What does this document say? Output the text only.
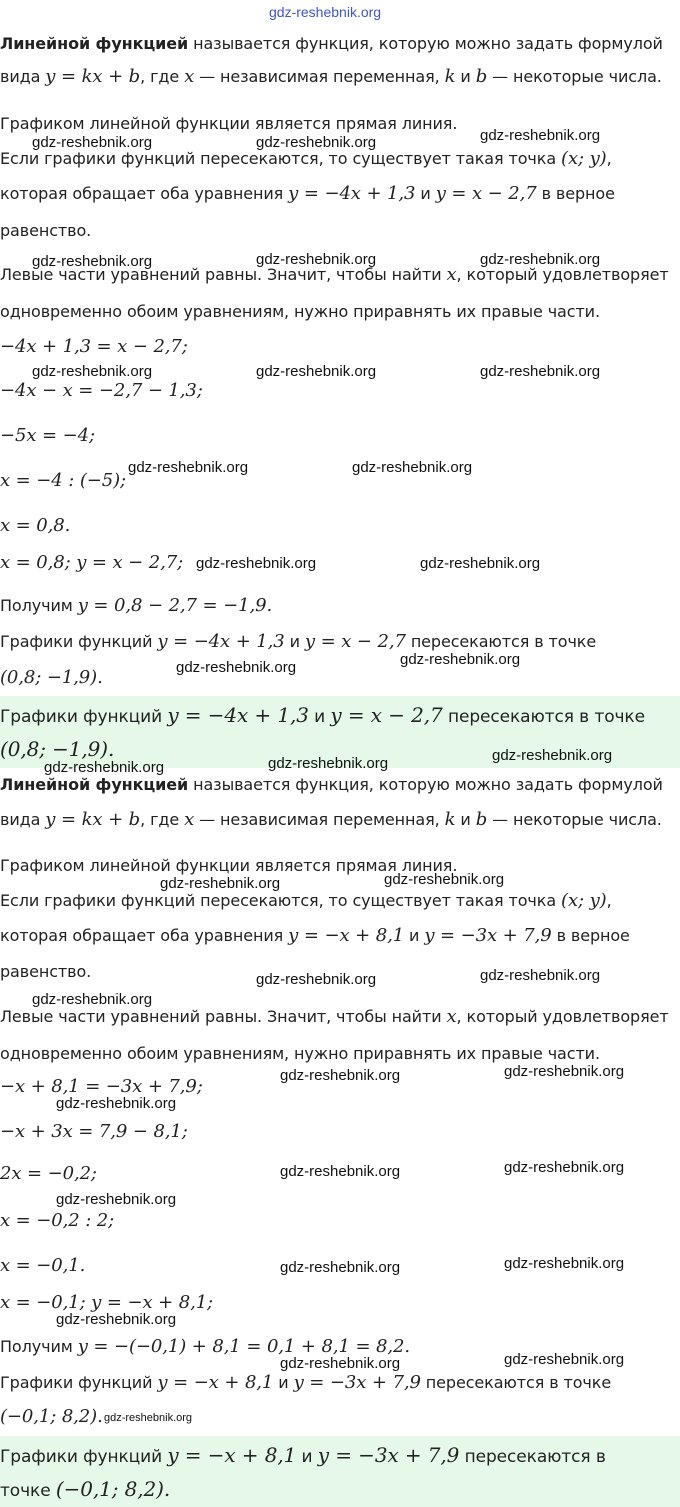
Линейной функцией называется функция, которую можно задать формулой
вида y = kx + b, где x — независимая переменная, k и b — некоторые числа.
Графиком линейной функции является прямая линия.
Если графики функций пересекаются, то существует такая точка (x; y),
которая обращает оба уравнения y = −4x + 1,3 и y = x − 2,7 в верное
равенство.
Левые части уравнений равны. Значит, чтобы найти x, который удовлетворяет
одновременно обоим уравнениям, нужно приравнять их правые части.
−4x + 1,3 = x − 2,7;
−4x − x = −2,7 − 1,3;
−5x = −4;
x = −4 : (−5);
x = 0,8.
x = 0,8; y = x − 2,7;
Получим y = 0,8 − 2,7 = −1,9.
Графики функций y = −4x + 1,3 и y = x − 2,7 пересекаются в точке
(0,8; −1,9).
Графики функций y = −4x + 1,3 и y = x − 2,7 пересекаются в точке
(0,8; −1,9).
Линейной функцией называется функция, которую можно задать формулой
вида y = kx + b, где x — независимая переменная, k и b — некоторые числа.
Графиком линейной функции является прямая линия.
Если графики функций пересекаются, то существует такая точка (x; y),
которая обращает оба уравнения y = −x + 8,1 и y = −3x + 7,9 в верное
равенство.
Левые части уравнений равны. Значит, чтобы найти x, который удовлетворяет
одновременно обоим уравнениям, нужно приравнять их правые части.
−x + 8,1 = −3x + 7,9;
−x + 3x = 7,9 − 8,1;
2x = −0,2;
x = −0,2 : 2;
x = −0,1.
x = −0,1; y = −x + 8,1;
Получим y = −(−0,1) + 8,1 = 0,1 + 8,1 = 8,2.
Графики функций y = −x + 8,1 и y = −3x + 7,9 пересекаются в точке
(−0,1; 8,2).
Графики функций y = −x + 8,1 и y = −3x + 7,9 пересекаются в
точке (−0,1; 8,2).
gdz-reshebnik.org
gdz-reshebnik.org
gdz-reshebnik.org	gdz-reshebnik.org
gdz-reshebnik.org	gdz-reshebnik.org	gdz-reshebnik.org
gdz-reshebnik.org	gdz-reshebnik.org	gdz-reshebnik.org
gdz-reshebnik.org	gdz-reshebnik.org
gdz-reshebnik.org	gdz-reshebnik.org
gdz-reshebnik.org	gdz-reshebnik.org
gdz-reshebnik.org
gdz-reshebnik.org	gdz-reshebnik.org
gdz-reshebnik.org	gdz-reshebnik.org
gdz-reshebnik.org	gdz-reshebnik.org
gdz-reshebnik.org
gdz-reshebnik.org	gdz-reshebnik.org
gdz-reshebnik.org
gdz-reshebnik.org	gdz-reshebnik.org
gdz-reshebnik.org
gdz-reshebnik.org	gdz-reshebnik.org
gdz-reshebnik.org
gdz-reshebnik.org	gdz-reshebnik.org
gdz-reshebnik.org
